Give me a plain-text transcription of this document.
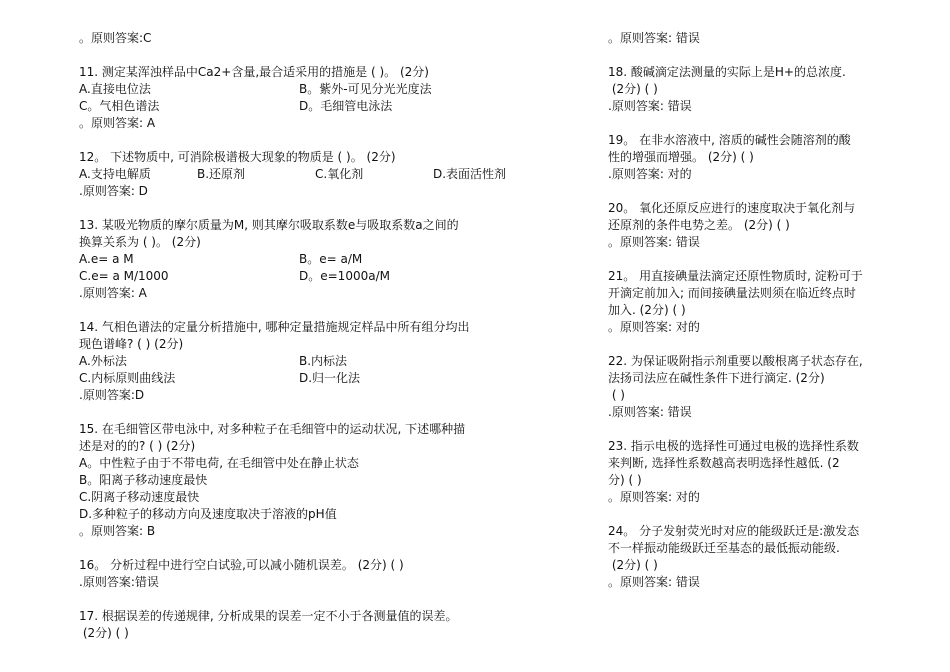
。原则答案:C
11. 测定某浑浊样品中Ca2+含量,最合适采用的措施是 ( )。 (2分)
A.直接电位法	B。紫外-可见分光光度法
C。气相色谱法	D。毛细管电泳法
。原则答案: A
12。 下述物质中, 可消除极谱极大现象的物质是 ( )。 (2分)
A.支持电解质	B.还原剂	C.氧化剂	D.表面活性剂
.原则答案: D
13. 某吸光物质的摩尔质量为M, 则其摩尔吸取系数e与吸取系数a之间的
换算关系为 ( )。 (2分)
A.e= a M	B。e= a/M
C.e= a M/1000	D。e=1000a/M
.原则答案: A
14. 气相色谱法的定量分析措施中, 哪种定量措施规定样品中所有组分均出
现色谱峰? ( ) (2分)
A.外标法	B.内标法
C.内标原则曲线法	D.归一化法
.原则答案:D
15. 在毛细管区带电泳中, 对多种粒子在毛细管中的运动状况, 下述哪种描
述是对的的? ( ) (2分)
A。中性粒子由于不带电荷, 在毛细管中处在静止状态
B。阳离子移动速度最快
C.阴离子移动速度最快
D.多种粒子的移动方向及速度取决于溶液的pH值
。原则答案: B
16。 分析过程中进行空白试验,可以减小随机误差。 (2分) ( )
.原则答案:错误
17. 根据误差的传递规律, 分析成果的误差一定不小于各测量值的误差。
(2分) ( )
。原则答案: 错误
18. 酸碱滴定法测量的实际上是H+的总浓度.
(2分) ( )
.原则答案: 错误
19。 在非水溶液中, 溶质的碱性会随溶剂的酸
性的增强而增强。 (2分) ( )
.原则答案: 对的
20。 氧化还原反应进行的速度取决于氧化剂与
还原剂的条件电势之差。 (2分) ( )
。原则答案: 错误
21。 用直接碘量法滴定还原性物质时, 淀粉可于
开滴定前加入; 而间接碘量法则须在临近终点时
加入. (2分) ( )
。原则答案: 对的
22. 为保证吸附指示剂重要以酸根离子状态存在,
法扬司法应在碱性条件下进行滴定. (2分)
( )
.原则答案: 错误
23. 指示电极的选择性可通过电极的选择性系数
来判断, 选择性系数越高表明选择性越低. (2
分) ( )
。原则答案: 对的
24。 分子发射荧光时对应的能级跃迁是:激发态
不一样振动能级跃迁至基态的最低振动能级.
(2分) ( )
。原则答案: 错误
